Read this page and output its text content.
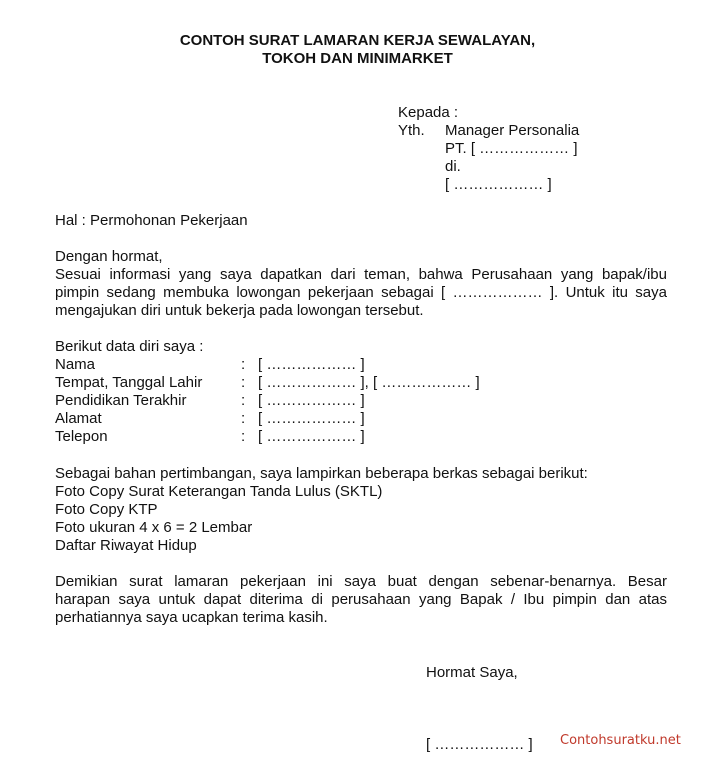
CONTOH SURAT LAMARAN KERJA SEWALAYAN,
TOKOH DAN MINIMARKET
Kepada :
Yth. Manager Personalia
PT. [ ……………… ]
di.
[ ……………… ]
Hal : Permohonan Pekerjaan
Dengan hormat,
Sesuai informasi yang saya dapatkan dari teman, bahwa Perusahaan yang bapak/ibu
pimpin sedang membuka lowongan pekerjaan sebagai [ ……………… ]. Untuk itu saya
mengajukan diri untuk bekerja pada lowongan tersebut.
Berikut data diri saya :
Nama	: [ ……………… ]
Tempat, Tanggal Lahir	: [ ……………… ], [ ……………… ]
Pendidikan Terakhir	: [ ……………… ]
Alamat	: [ ……………… ]
Telepon	: [ ……………… ]
Sebagai bahan pertimbangan, saya lampirkan beberapa berkas sebagai berikut:
Foto Copy Surat Keterangan Tanda Lulus (SKTL)
Foto Copy KTP
Foto ukuran 4 x 6 = 2 Lembar
Daftar Riwayat Hidup
Demikian surat lamaran pekerjaan ini saya buat dengan sebenar-benarnya. Besar
harapan saya untuk dapat diterima di perusahaan yang Bapak / Ibu pimpin dan atas
perhatiannya saya ucapkan terima kasih.
Hormat Saya,
[ ……………… ] Contohsuratku.net
